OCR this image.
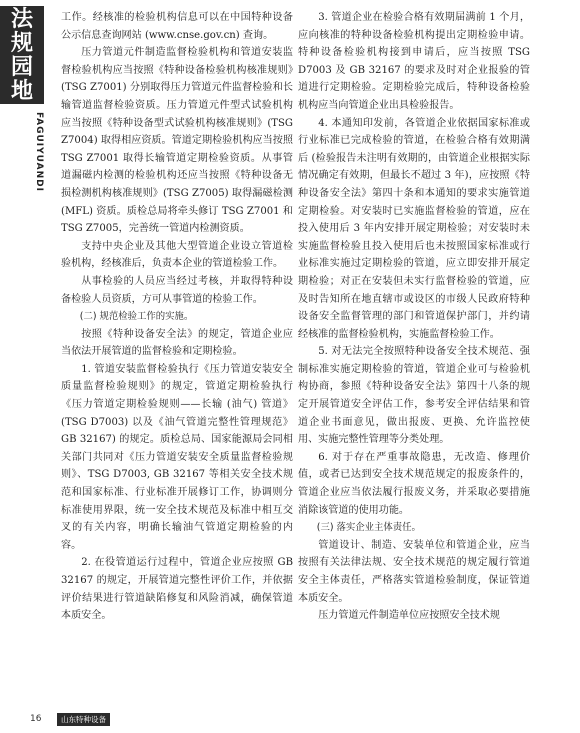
法规园地
FAGUIYUANDI

工作。经核准的检验机构信息可以在中国特种设备公示信息查询网站 (www.cnse.gov.cn) 查询。

压力管道元件制造监督检验机构和管道安装监督检验机构应当按照《特种设备检验机构核准规则》(TSG Z7001) 分别取得压力管道元件监督检验和长输管道监督检验资质。压力管道元件型式试验机构应当按照《特种设备型式试验机构核准规则》(TSG Z7004) 取得相应资质。管道定期检验机构应当按照 TSG Z7001 取得长输管道定期检验资质。从事管道漏磁内检测的检验机构还应当按照《特种设备无损检测机构核准规则》(TSG Z7005) 取得漏磁检测 (MFL) 资质。质检总局将牵头修订 TSG Z7001 和 TSG Z7005，完善统一管道内检测资质。

支持中央企业及其他大型管道企业设立管道检验机构，经核准后，负责本企业的管道检验工作。

从事检验的人员应当经过考核，并取得特种设备检验人员资质，方可从事管道的检验工作。

(二) 规范检验工作的实施。

按照《特种设备安全法》的规定，管道企业应当依法开展管道的监督检验和定期检验。

1. 管道安装监督检验执行《压力管道安装安全质量监督检验规则》的规定，管道定期检验执行《压力管道定期检验规则——长输 (油气) 管道》(TSG D7003) 以及《油气管道完整性管理规范》GB 32167) 的规定。质检总局、国家能源局会同相关部门共同对《压力管道安装安全质量监督检验规则》、TSG D7003, GB 32167 等相关安全技术规范和国家标准、行业标准开展修订工作，协调则分标准使用界限，统一安全技术规范及标准中相互交叉的有关内容，明确长输油气管道定期检验的内容。

2. 在役管道运行过程中，管道企业应按照 GB 32167 的规定，开展管道完整性评价工作，并依据评价结果进行管道缺陷修复和风险消减，确保管道本质安全。

3. 管道企业在检验合格有效期届满前 1 个月，应向核准的特种设备检验机构提出定期检验申请。特种设备检验机构接到申请后，应当按照 TSG D7003 及 GB 32167 的要求及时对企业报验的管道进行定期检验。定期检验完成后，特种设备检验机构应当向管道企业出具检验报告。

4. 本通知印发前，各管道企业依据国家标准或行业标准已完成检验的管道，在检验合格有效期满后 (检验报告未注明有效期的，由管道企业根据实际情况确定有效期，但最长不超过 3 年)，应按照《特种设备安全法》第四十条和本通知的要求实施管道定期检验。对安装时已实施监督检验的管道，应在投入使用后 3 年内安排开展定期检验；对安装时未实施监督检验且投入使用后也未按照国家标准或行业标准实施过定期检验的管道，应立即安排开展定期检验；对正在安装但未实行监督检验的管道，应及时告知所在地直辖市或设区的市级人民政府特种设备安全监督管理的部门和管道保护部门，并约请经核准的监督检验机构，实施监督检验工作。

5. 对无法完全按照特种设备安全技术规范、强制标准实施定期检验的管道，管道企业可与检验机构协商，参照《特种设备安全法》第四十八条的规定开展管道安全评估工作，参考安全评估结果和管道企业书面意见，做出报废、更换、允许监控使用、实施完整性管理等分类处理。

6. 对于存在严重事故隐患，无改造、修理价值，或者已达到安全技术规范规定的报废条件的，管道企业应当依法履行报废义务，并采取必要措施消除该管道的使用功能。

(三) 落实企业主体责任。

管道设计、制造、安装单位和管道企业，应当按照有关法律法规、安全技术规范的规定履行管道安全主体责任，严格落实管道检验制度，保证管道本质安全。

压力管道元件制造单位应按照安全技术规

16	山东特种设备
